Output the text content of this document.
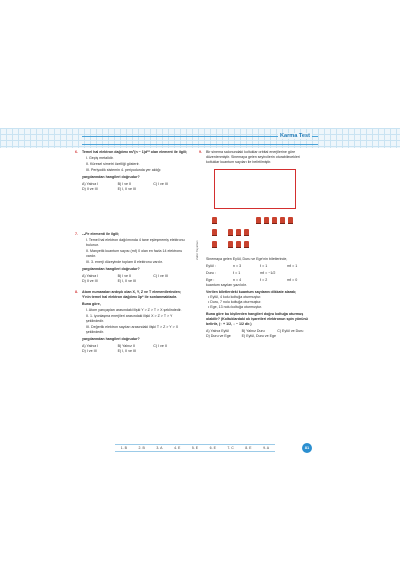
Karma Test
6. Temel hal elektron dağılımı ns²(n − 1)d¹⁰ olan element ile ilgili;
I. Geçiş metalidir.
II. Küresel simetri özelliği gösterir.
III. Periyodik sistemin 4. periyodunda yer aldığı
yargılarından hangileri doğrudur?
A) Yalnız I	B) I ve II	C) I ve III
D) II ve III	E) I, II ve III
7. ₂₆Fe elementi ile ilgili;
I. Temel hal elektron dağılımında 4 tane eşleşmemiş elektronu bulunur.
II. Manyetik kuantum sayısı (mℓ) 0 olan en fazla 14 elektronu vardır.
III. 3. enerji düzeyinde toplam 8 elektronu vardır.
yargılarından hangileri doğrudur?
A) Yalnız I	B) I ve II	C) I ve III
D) II ve III	E) I, II ve III
8. Atom numaraları ardışık olan X, Y, Z ve T elementlerinden; Y'nin temel hal elektron dağılımı 3p⁶ ile sonlanmaktadır.
Buna göre,
I. Atom yarıçapları arasındaki ilişki Y > Z > T > X şeklindedir.
II. 1. iyonlaşma enerjileri arasındaki ilişki X > Z > T > Y şeklindedir.
III. Değerlik elektron sayıları arasındaki ilişki T > Z > Y > X şeklindedir.
yargılarından hangileri doğrudur?
A) Yalnız I	B) Yalnız II	C) I ve II
D) I ve III	E) I, II ve III
Zafer Yayınları
9. Bir sinema salonundaki koltuklar orbital enerjilerine göre düzenlenmiştir. Sinemaya gelen seyircilerin oturabilecekleri koltuklar kuantum sayıları ile belirtilmiştir.
Sinemaya gelen Eylül, Duru ve Ege'nin biletlerinde,
Eylül :	n = 3	ℓ = 1	mℓ = 1
Duru :	ℓ = 1	mℓ = −1/2
Ege :	n = 4	ℓ = 2	mℓ = 0
kuantum sayıları yazılıdır.
Verilen biletlerdeki kuantum sayılarını dikkate alarak;
• Eylül, 4 kolu koltuğa oturmuştur.
• Duru, 7 nolu koltuğa oturmuştur.
• Ege, 13 nolu koltuğa oturmuştur.
Buna göre bu kişilerden hangileri doğru koltuğa oturmuş olabilir? (Koltuklardaki ok işaretleri elektronun spin yönünü belirtir, (↑ + 1/2, ↓ − 1/2 dir.)
A) Yalnız Eylül	B) Yalnız Duru	C) Eylül ve Duru
D) Duru ve Ege	E) Eylül, Duru ve Ege
1. B	2. B	3. A	4. E	5. E	6. E	7. C	8. E	9. A	81
